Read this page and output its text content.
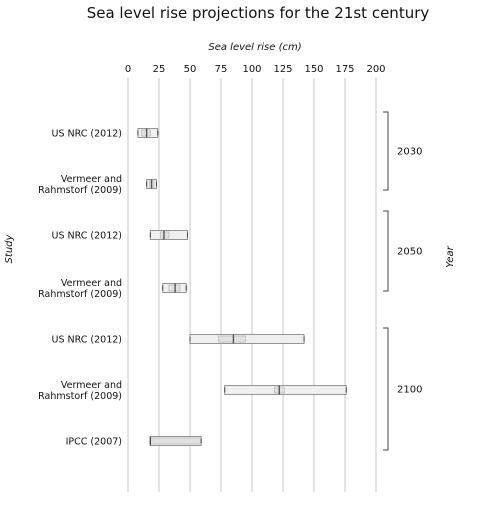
Sea level rise projections for the 21st century
Sea level rise (cm)
Study	Year
0 25 50 75 100 125 150 175 200
US NRC (2012)
Vermeer and Rahmstorf (2009)
US NRC (2012)
Vermeer and Rahmstorf (2009)
US NRC (2012)
Vermeer and Rahmstorf (2009)
IPCC (2007)
2030
2050
2100
